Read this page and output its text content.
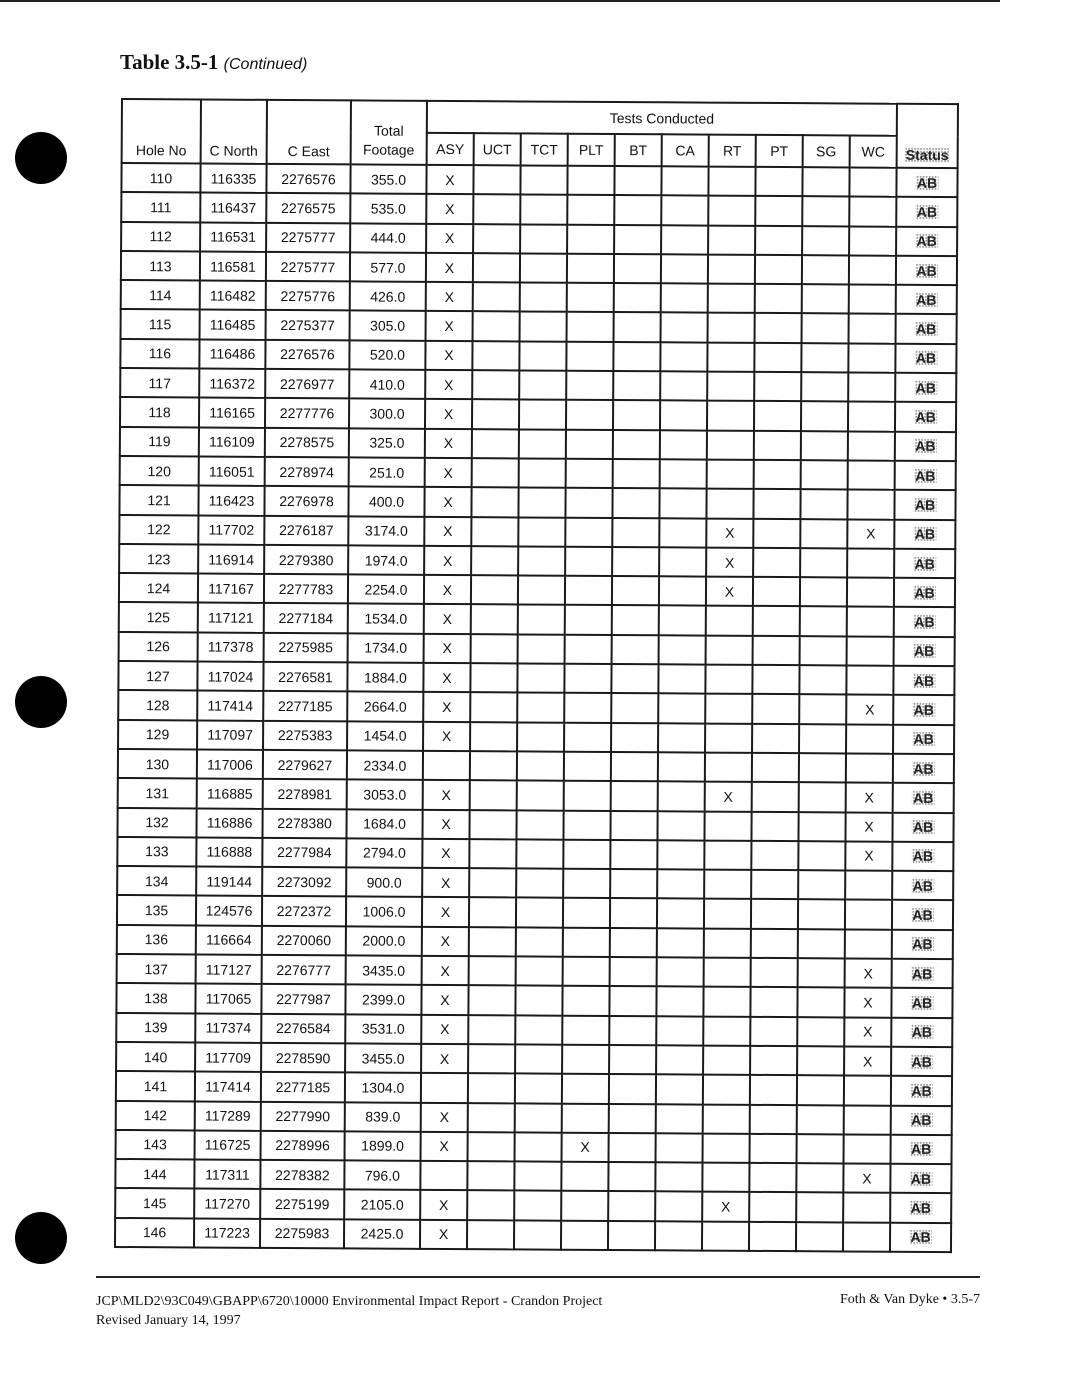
Table 3.5-1 (Continued)
Hole No	C North	C East	Total Footage	Tests Conducted										Status
				ASY	UCT	TCT	PLT	BT	CA	RT	PT	SG	WC	
110	116335	2276576	355.0	X										AB
111	116437	2276575	535.0	X										AB
112	116531	2275777	444.0	X										AB
113	116581	2275777	577.0	X										AB
114	116482	2275776	426.0	X										AB
115	116485	2275377	305.0	X										AB
116	116486	2276576	520.0	X										AB
117	116372	2276977	410.0	X										AB
118	116165	2277776	300.0	X										AB
119	116109	2278575	325.0	X										AB
120	116051	2278974	251.0	X										AB
121	116423	2276978	400.0	X										AB
122	117702	2276187	3174.0	X						X			X	AB
123	116914	2279380	1974.0	X						X				AB
124	117167	2277783	2254.0	X						X				AB
125	117121	2277184	1534.0	X										AB
126	117378	2275985	1734.0	X										AB
127	117024	2276581	1884.0	X										AB
128	117414	2277185	2664.0	X									X	AB
129	117097	2275383	1454.0	X										AB
130	117006	2279627	2334.0											AB
131	116885	2278981	3053.0	X						X			X	AB
132	116886	2278380	1684.0	X									X	AB
133	116888	2277984	2794.0	X									X	AB
134	119144	2273092	900.0	X										AB
135	124576	2272372	1006.0	X										AB
136	116664	2270060	2000.0	X										AB
137	117127	2276777	3435.0	X									X	AB
138	117065	2277987	2399.0	X									X	AB
139	117374	2276584	3531.0	X									X	AB
140	117709	2278590	3455.0	X									X	AB
141	117414	2277185	1304.0											AB
142	117289	2277990	839.0	X										AB
143	116725	2278996	1899.0	X			X							AB
144	117311	2278382	796.0										X	AB
145	117270	2275199	2105.0	X						X				AB
146	117223	2275983	2425.0	X										AB
JCP\MLD2\93C049\GBAPP\6720\10000 Environmental Impact Report - Crandon Project
Revised January 14, 1997
Foth & Van Dyke • 3.5-7
